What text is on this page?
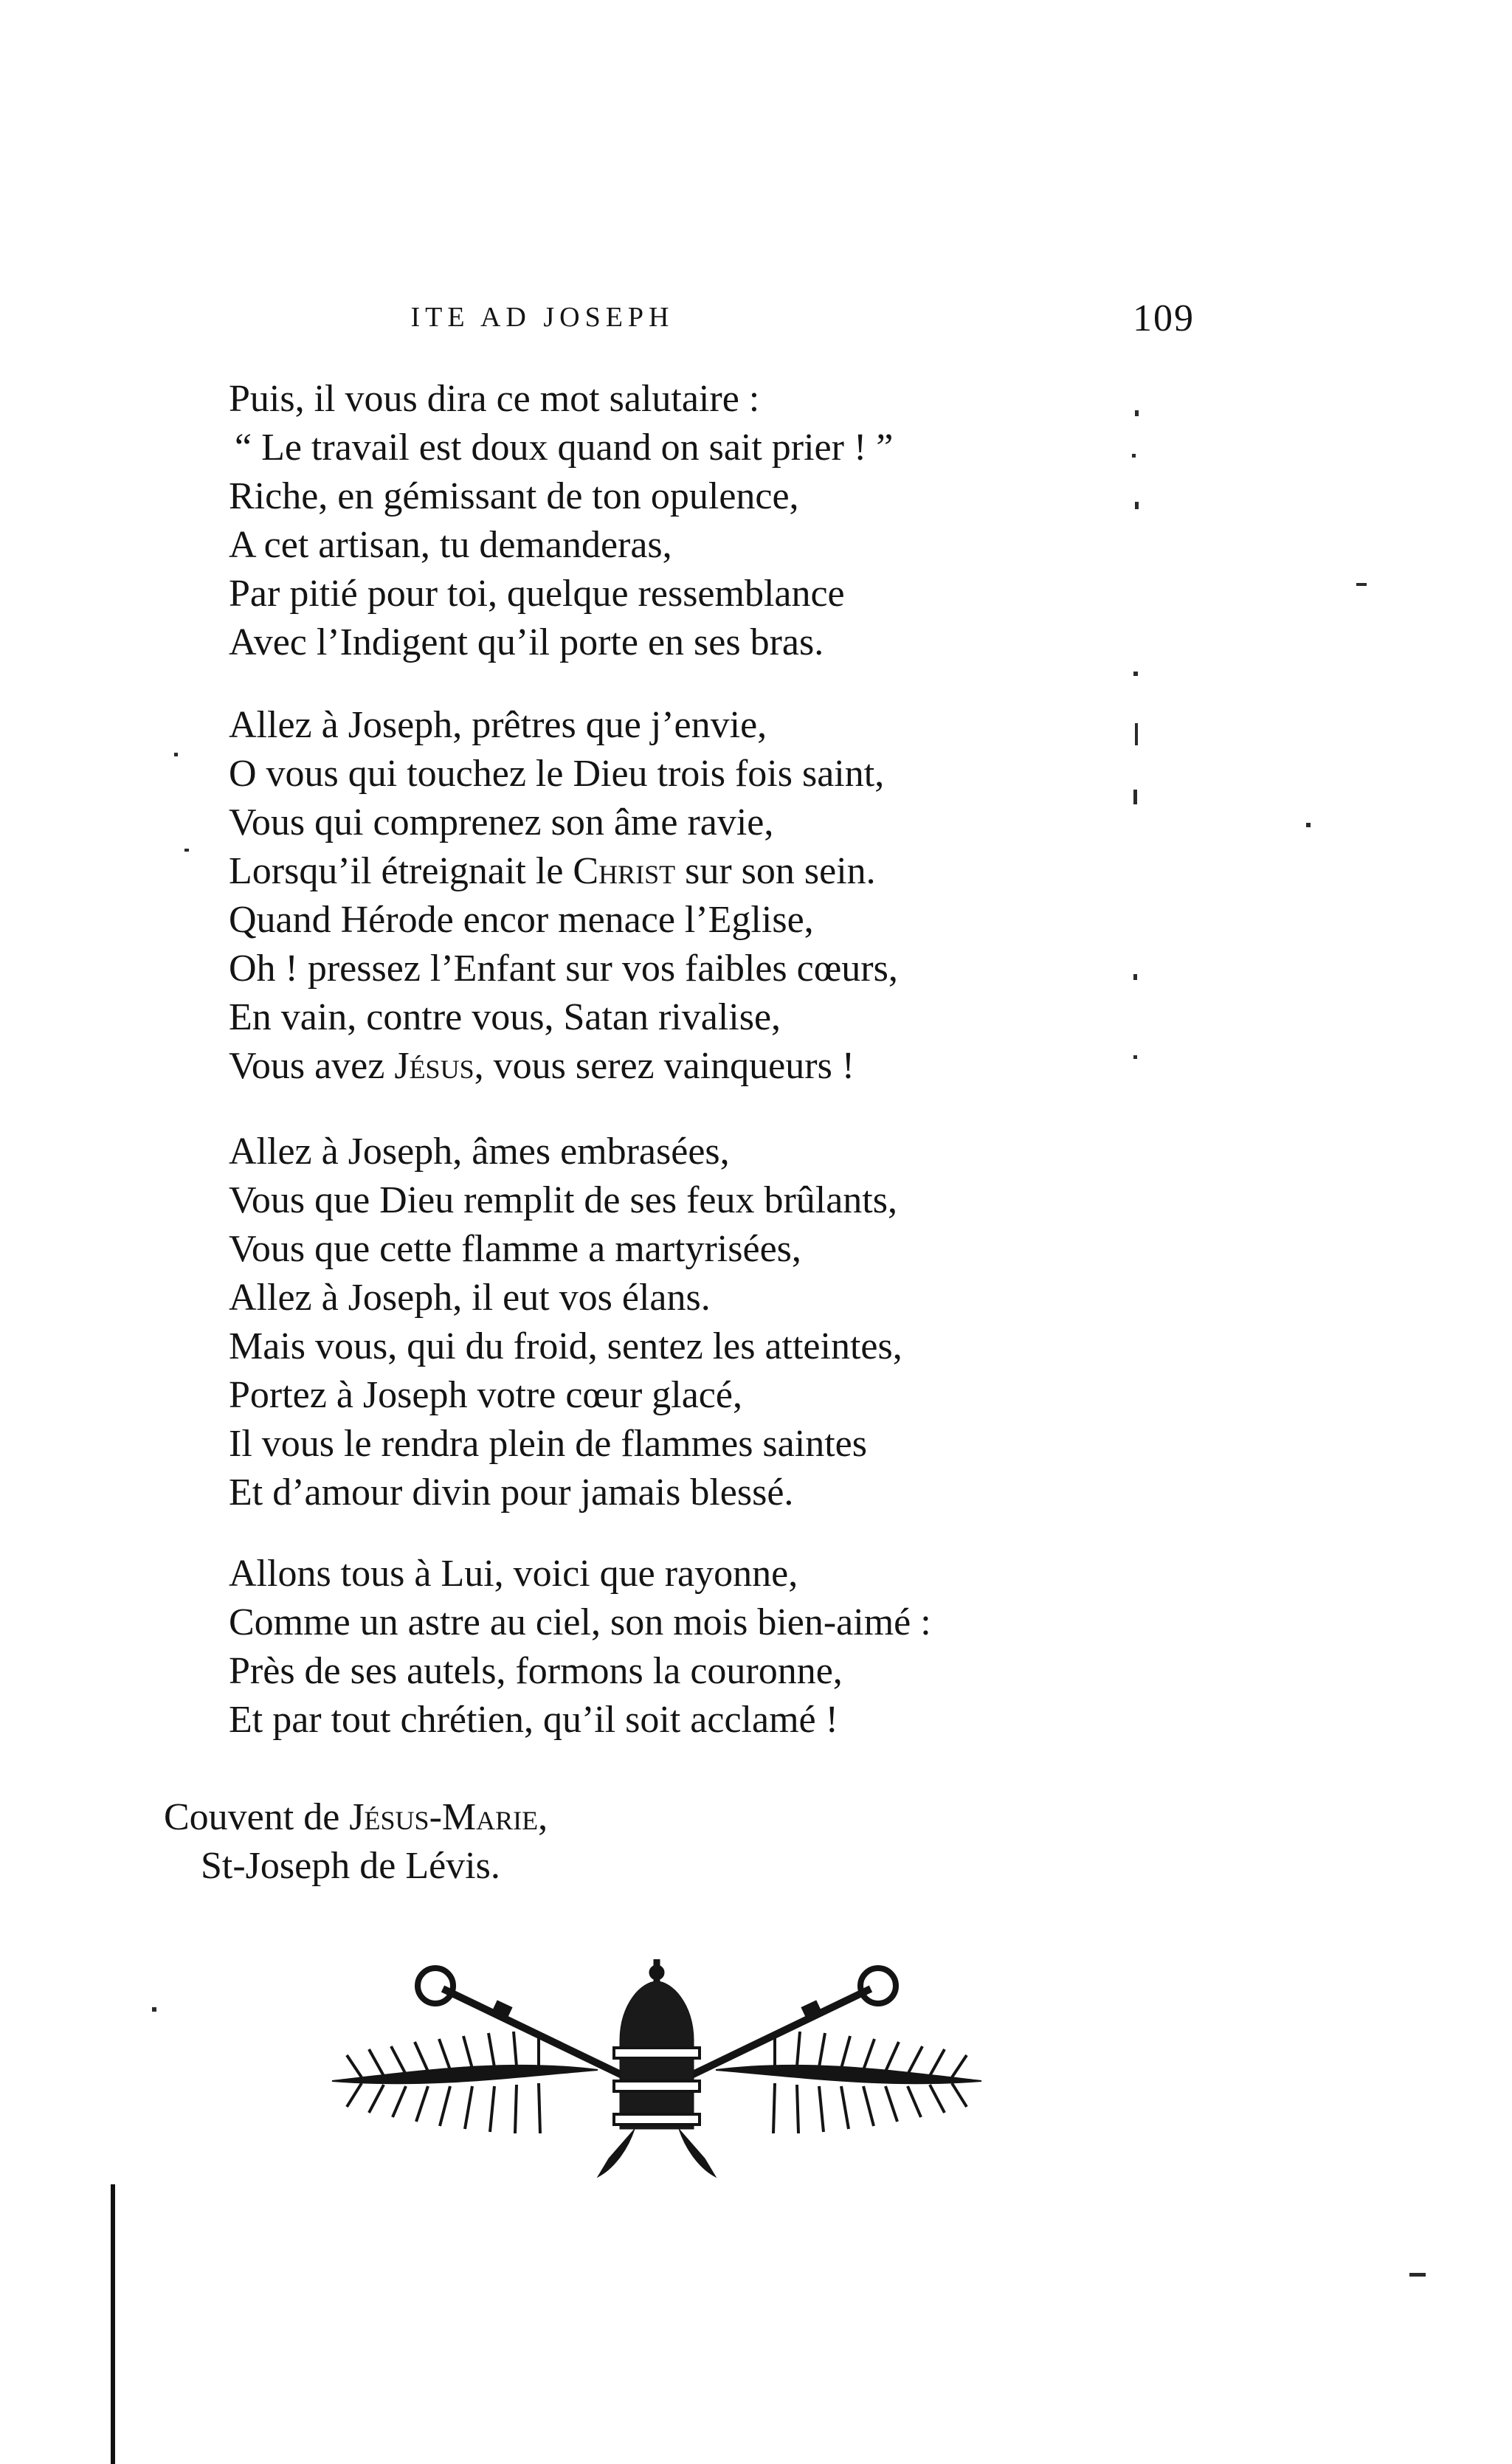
ITE AD JOSEPH	109
Puis, il vous dira ce mot salutaire :
“ Le travail est doux quand on sait prier ! ”
Riche, en gémissant de ton opulence,
A cet artisan, tu demanderas,
Par pitié pour toi, quelque ressemblance
Avec l’Indigent qu’il porte en ses bras.
Allez à Joseph, prêtres que j’envie,
O vous qui touchez le Dieu trois fois saint,
Vous qui comprenez son âme ravie,
Lorsqu’il étreignait le Christ sur son sein.
Quand Hérode encor menace l’Eglise,
Oh ! pressez l’Enfant sur vos faibles cœurs,
En vain, contre vous, Satan rivalise,
Vous avez Jésus, vous serez vainqueurs !
Allez à Joseph, âmes embrasées,
Vous que Dieu remplit de ses feux brûlants,
Vous que cette flamme a martyrisées,
Allez à Joseph, il eut vos élans.
Mais vous, qui du froid, sentez les atteintes,
Portez à Joseph votre cœur glacé,
Il vous le rendra plein de flammes saintes
Et d’amour divin pour jamais blessé.
Allons tous à Lui, voici que rayonne,
Comme un astre au ciel, son mois bien-aimé :
Près de ses autels, formons la couronne,
Et par tout chrétien, qu’il soit acclamé !
Couvent de Jésus-Marie,
St-Joseph de Lévis.
